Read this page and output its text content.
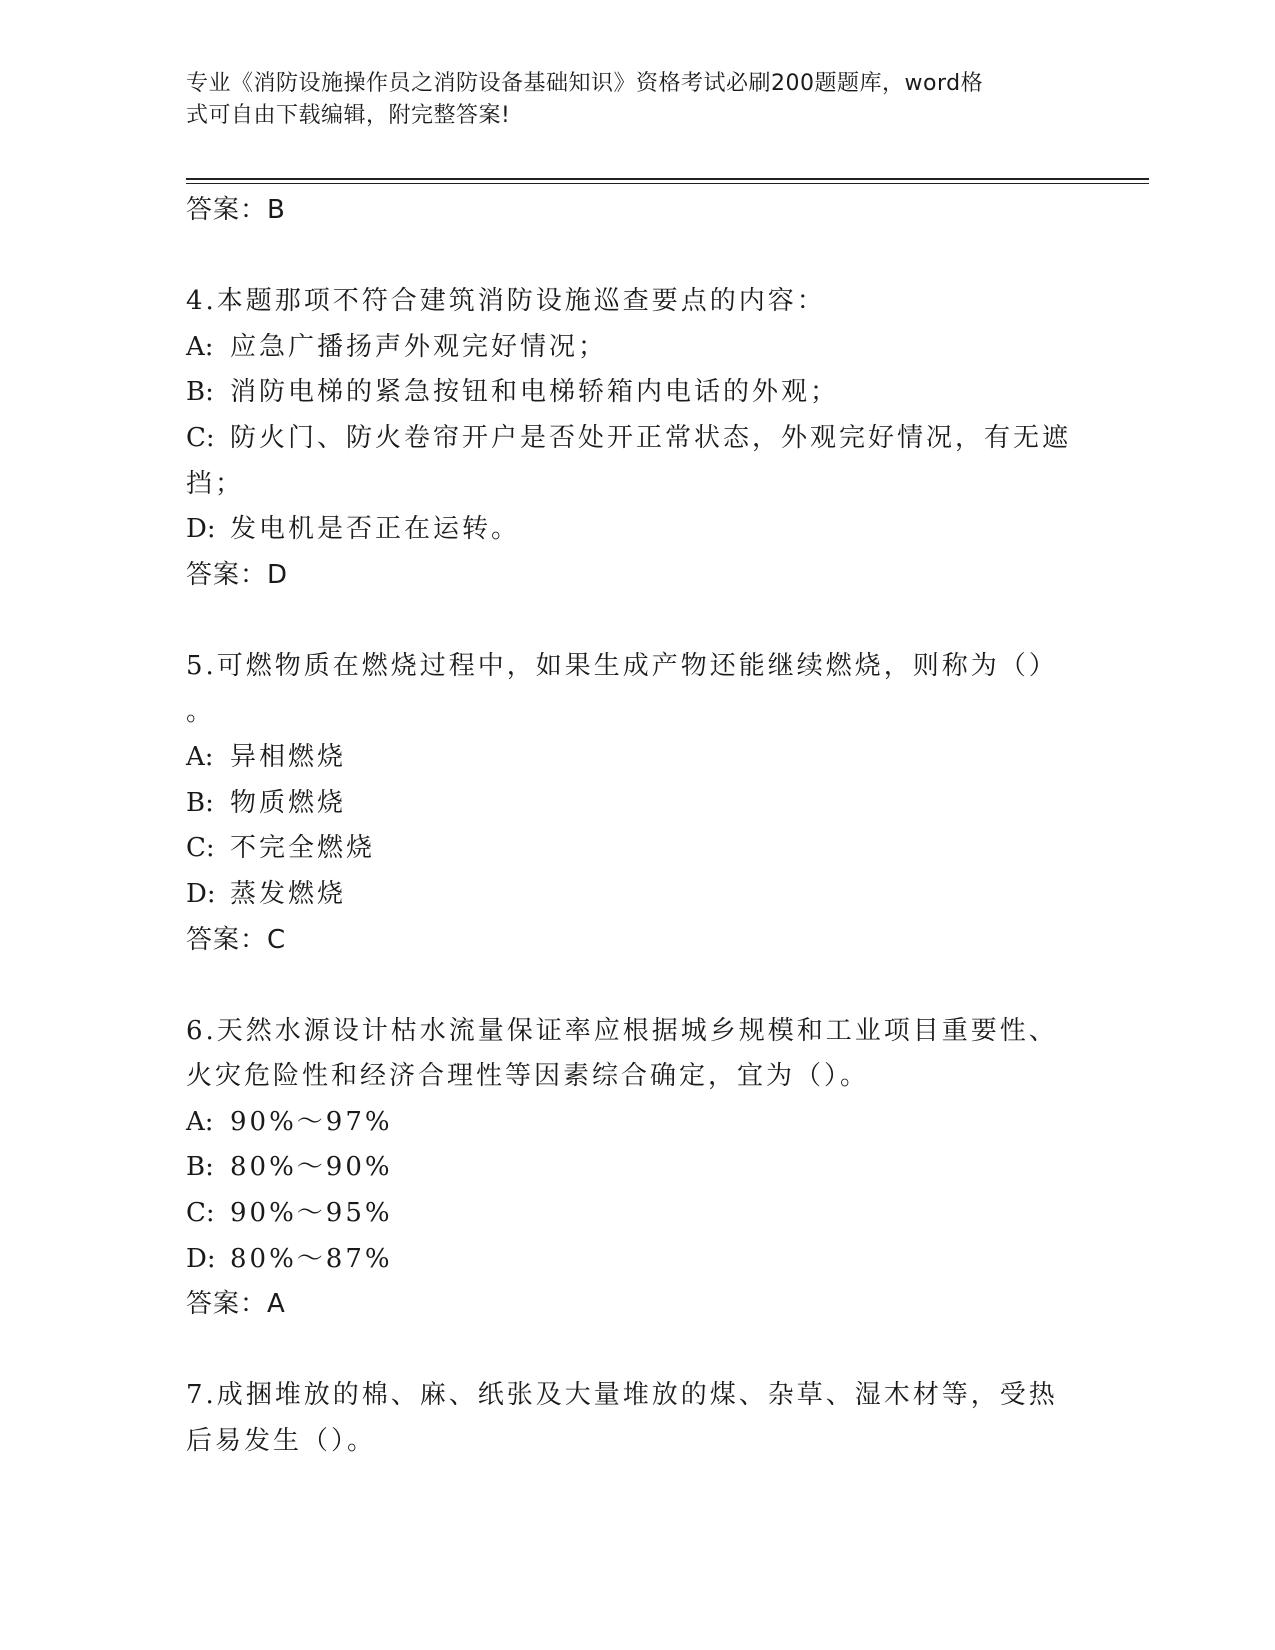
专业《消防设施操作员之消防设备基础知识》资格考试必刷200题题库，word格
式可自由下载编辑，附完整答案!

答案：B

4.本题那项不符合建筑消防设施巡查要点的内容：

A: 应急广播扬声外观完好情况；

B: 消防电梯的紧急按钮和电梯轿箱内电话的外观；

C: 防火门、防火卷帘开户是否处开正常状态，外观完好情况，有无遮

挡；

D: 发电机是否正在运转。

答案：D

5.可燃物质在燃烧过程中，如果生成产物还能继续燃烧，则称为（）

。

A: 异相燃烧

B: 物质燃烧

C: 不完全燃烧

D: 蒸发燃烧

答案：C

6.天然水源设计枯水流量保证率应根据城乡规模和工业项目重要性、

火灾危险性和经济合理性等因素综合确定，宜为（）。

A: 90%～97%

B: 80%～90%

C: 90%～95%

D: 80%～87%

答案：A

7.成捆堆放的棉、麻、纸张及大量堆放的煤、杂草、湿木材等，受热

后易发生（）。
